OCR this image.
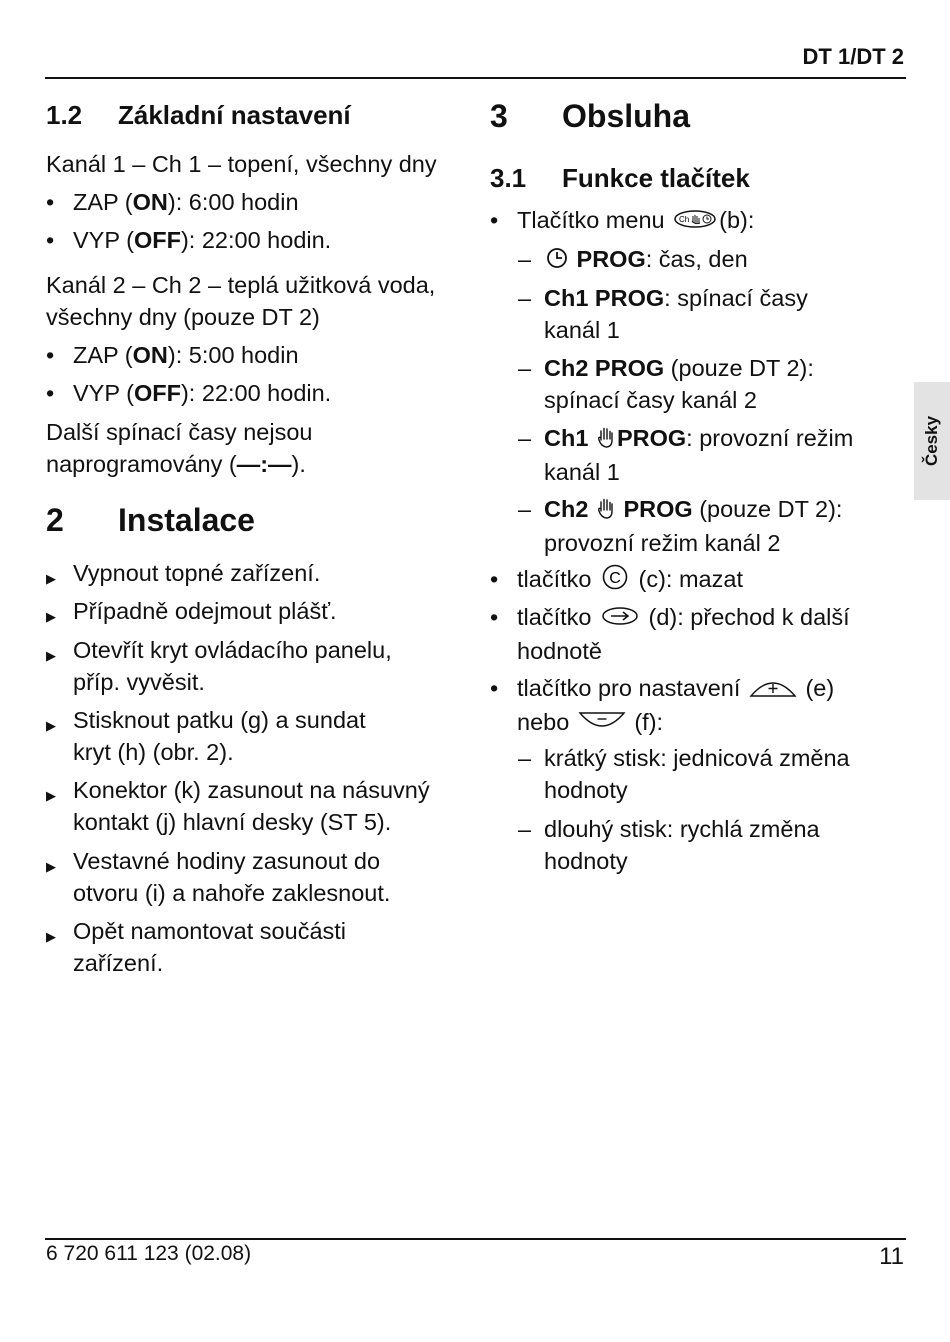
DT 1/DT 2
Česky
1.2 Základní nastavení

Kanál 1 – Ch 1 – topení, všechny dny

• ZAP (ON): 6:00 hodin
• VYP (OFF): 22:00 hodin.

Kanál 2 – Ch 2 – teplá užitková voda,
všechny dny (pouze DT 2)

• ZAP (ON): 5:00 hodin
• VYP (OFF): 22:00 hodin.

Další spínací časy nejsou
naprogramovány (—:—).

2 Instalace
▶ Vypnout topné zařízení.
▶ Případně odejmout plášť.
▶ Otevřít kryt ovládacího panelu,
příp. vyvěsit.
▶ Stisknout patku (g) a sundat
kryt (h) (obr. 2).
▶ Konektor (k) zasunout na násuvný
kontakt (j) hlavní desky (ST 5).
▶ Vestavné hodiny zasunout do
otvoru (i) a nahoře zaklesnout.
▶ Opět namontovat součásti
zařízení.
3 Obsluha
3.1 Funkce tlačítek
• Tlačítko menu Ch (b):
–	PROG: čas, den
– Ch1 PROG: spínací časy
kanál 1
– Ch2 PROG (pouze DT 2):
spínací časy kanál 2
– Ch1 PROG: provozní režim
kanál 1
– Ch2 PROG (pouze DT 2):
provozní režim kanál 2
• tlačítko C (c): mazat
• tlačítko (d): přechod k další
hodnotě
• tlačítko pro nastavení	(e)
nebo	(f):
– krátký stisk: jednicová změna
hodnoty
– dlouhý stisk: rychlá změna
hodnoty
6 720 611 123 (02.08)	11
